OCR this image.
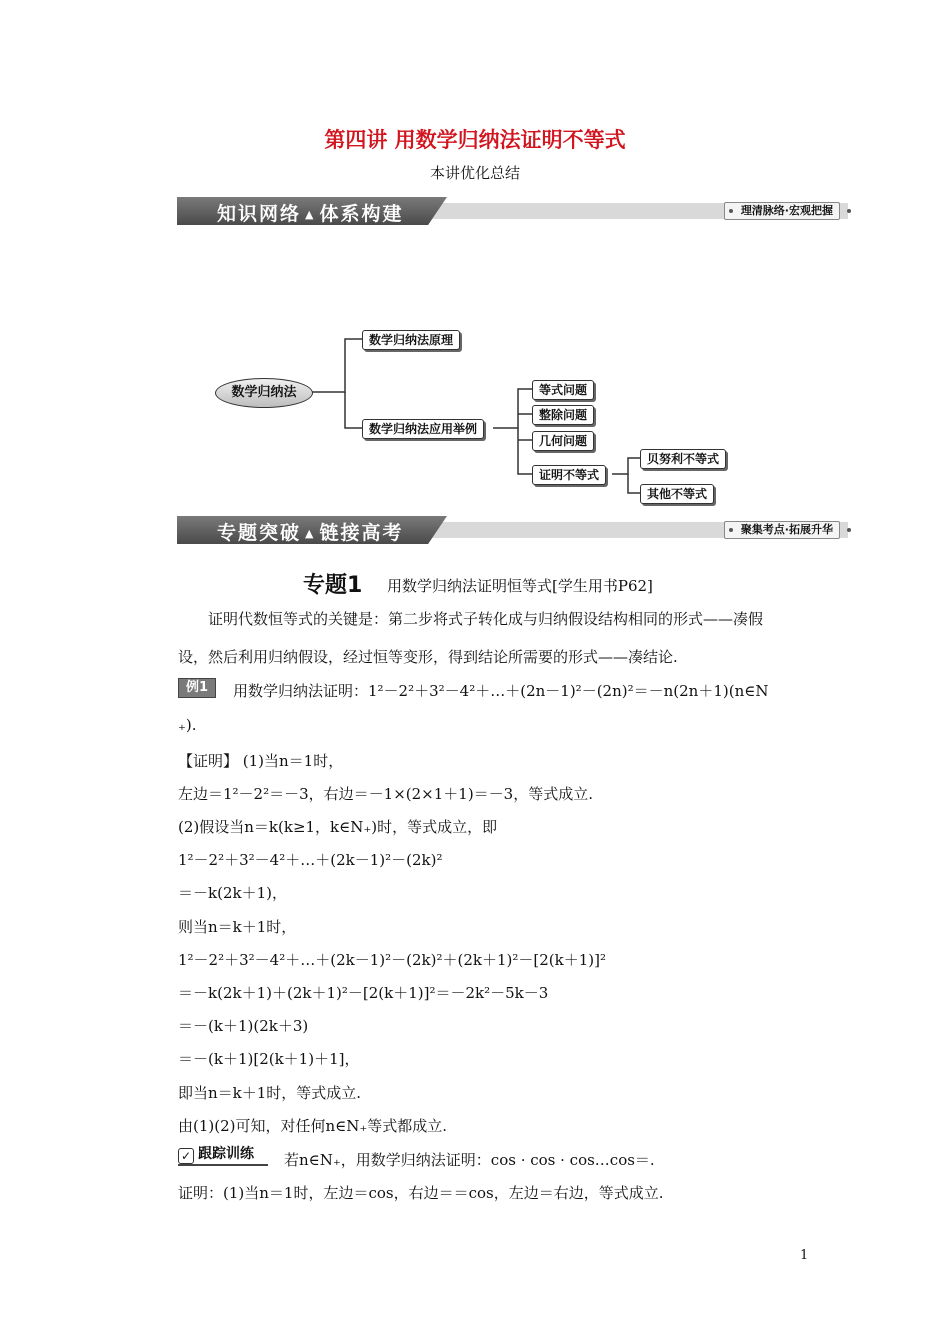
第四讲 用数学归纳法证明不等式
本讲优化总结
知识网络 ▲ 体系构建	理清脉络·宏观把握
数学归纳法
数学归纳法原理
数学归纳法应用举例
等式问题
整除问题
几何问题
证明不等式
贝努利不等式
其他不等式
专题突破 ▲ 链接高考	聚集考点·拓展升华
专题1 用数学归纳法证明恒等式[学生用书P62]
证明代数恒等式的关键是：第二步将式子转化成与归纳假设结构相同的形式——凑假
设，然后利用归纳假设，经过恒等变形，得到结论所需要的形式——凑结论.
例1	用数学归纳法证明：1²－2²＋3²－4²＋…＋(2n－1)²－(2n)²＝－n(2n＋1)(n∈N
₊).
【证明】 (1)当n＝1时，
左边＝1²－2²＝－3，右边＝－1×(2×1＋1)＝－3，等式成立.
(2)假设当n＝k(k≥1，k∈N₊)时，等式成立，即
1²－2²＋3²－4²＋…＋(2k－1)²－(2k)²
＝－k(2k＋1)，
则当n＝k＋1时，
1²－2²＋3²－4²＋…＋(2k－1)²－(2k)²＋(2k＋1)²－[2(k＋1)]²
＝－k(2k＋1)＋(2k＋1)²－[2(k＋1)]²＝－2k²－5k－3
＝－(k＋1)(2k＋3)
＝－(k＋1)[2(k＋1)＋1]，
即当n＝k＋1时，等式成立.
由(1)(2)可知，对任何n∈N₊等式都成立.
✓ 跟踪训练	若n∈N₊，用数学归纳法证明：cos · cos · cos…cos＝.
证明：(1)当n＝1时，左边＝cos，右边＝＝cos，左边＝右边，等式成立.
1
